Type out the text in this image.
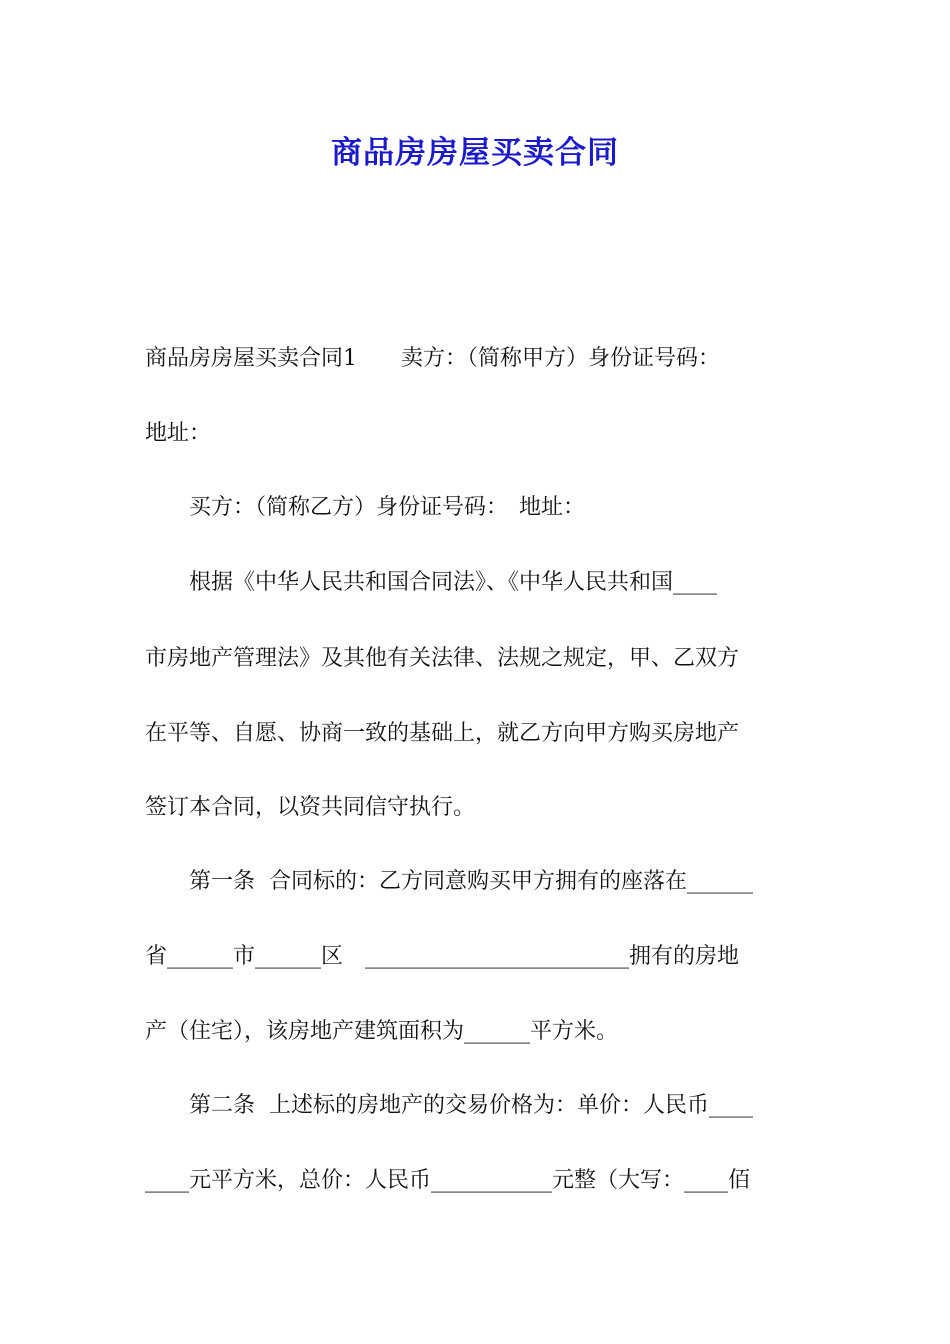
商品房房屋买卖合同
商品房房屋买卖合同1　　卖方：（简称甲方）身份证号码：
地址：
　　买方：（简称乙方）身份证号码：　地址：
　　根据《中华人民共和国合同法》、《中华人民共和国____
市房地产管理法》及其他有关法律、法规之规定，甲、乙双方
在平等、自愿、协商一致的基础上，就乙方向甲方购买房地产
签订本合同，以资共同信守执行。
　　第一条  合同标的：乙方同意购买甲方拥有的座落在______
省______市______区　________________________拥有的房地
产（住宅），该房地产建筑面积为______平方米。
　　第二条  上述标的房地产的交易价格为：单价：人民币____
____元平方米，总价：人民币___________元整（大写：____佰
